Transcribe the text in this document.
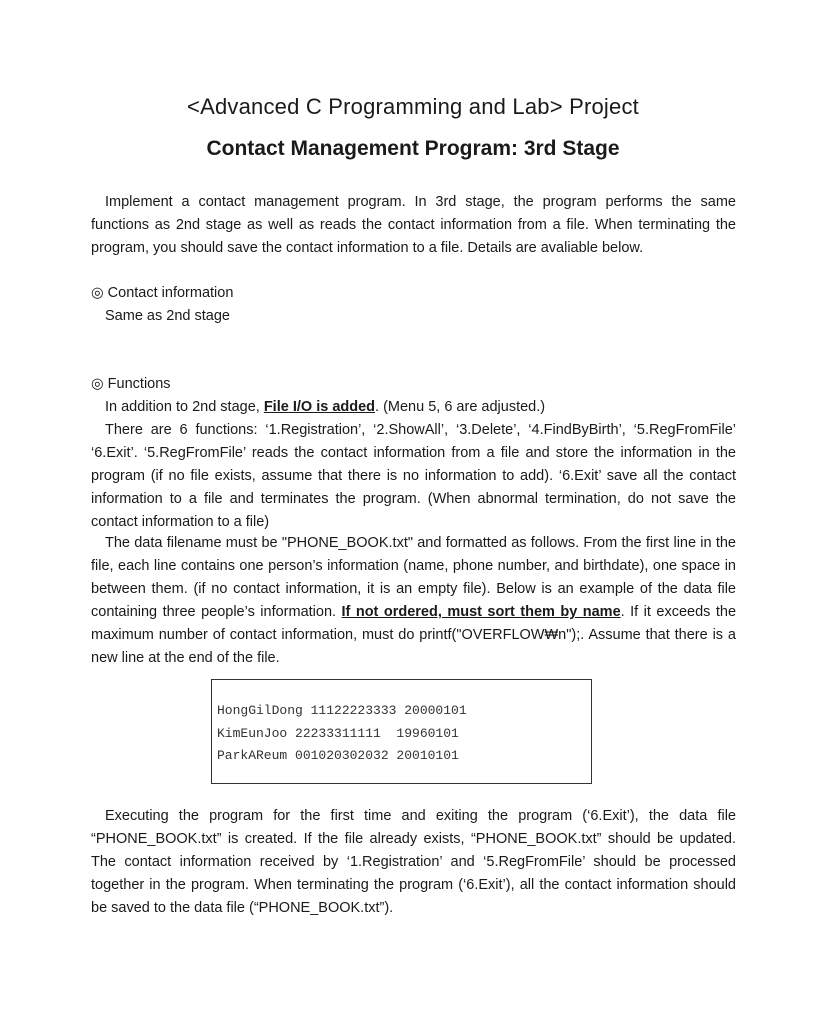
<Advanced C Programming and Lab> Project
Contact Management Program: 3rd Stage
Implement a contact management program. In 3rd stage, the program performs the same functions as 2nd stage as well as reads the contact information from a file. When terminating the program, you should save the contact information to a file. Details are avaliable below.
◎ Contact information
Same as 2nd stage
◎ Functions
In addition to 2nd stage, File I/O is added. (Menu 5, 6 are adjusted.)
There are 6 functions: ‘1.Registration’, ‘2.ShowAll’, ‘3.Delete’, ‘4.FindByBirth’, ‘5.RegFromFile’ ‘6.Exit’. ‘5.RegFromFile’ reads the contact information from a file and store the information in the program (if no file exists, assume that there is no information to add). ‘6.Exit’ save all the contact information to a file and terminates the program. (When abnormal termination, do not save the contact information to a file)
The data filename must be "PHONE_BOOK.txt" and formatted as follows. From the first line in the file, each line contains one person’s information (name, phone number, and birthdate), one space in between them. (if no contact information, it is an empty file). Below is an example of the data file containing three people’s information. If not ordered, must sort them by name. If it exceeds the maximum number of contact information, must do printf("OVERFLOW₩n");. Assume that there is a new line at the end of the file.
HongGilDong 11122223333 20000101
KimEunJoo 22233311111  19960101
ParkAReum 001020302032 20010101
Executing the program for the first time and exiting the program (‘6.Exit’), the data file “PHONE_BOOK.txt” is created. If the file already exists, “PHONE_BOOK.txt” should be updated. The contact information received by ‘1.Registration’ and ‘5.RegFromFile’ should be processed together in the program. When terminating the program (‘6.Exit’), all the contact information should be saved to the data file (“PHONE_BOOK.txt”).
